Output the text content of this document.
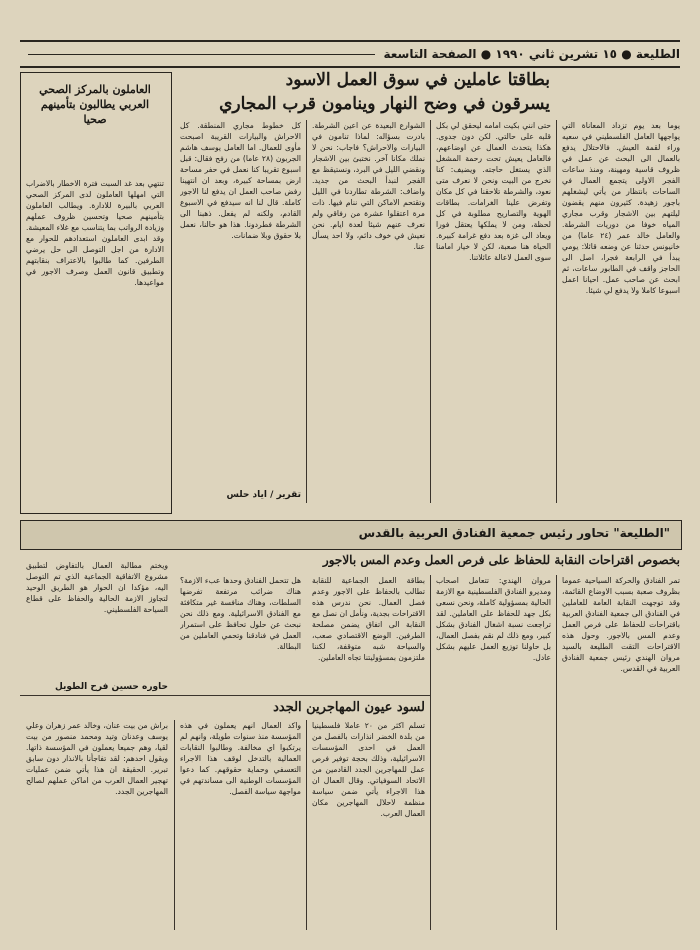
الطليعة ● ١٥ تشرين ثاني ١٩٩٠ ● الصفحة التاسعة
بطاقتا عاملين في سوق العمل الاسود
يسرقون في وضح النهار وينامون قرب المجاري

يوما بعد يوم تزداد المعاناة التي يواجهها العامل الفلسطيني في سعيه وراء لقمة العيش. فالاحتلال يدفع بالعمال الى البحث عن عمل في ظروف قاسية ومهينة، ومنذ ساعات الفجر الاولى يتجمع العمال في الساحات بانتظار من يأتي ليشغلهم باجور زهيدة. كثيرون منهم يقضون ليلتهم بين الاشجار وقرب مجاري المياه خوفا من دوريات الشرطة. والعامل خالد عمر (٢٤ عاما) من خانيونس حدثنا عن وضعه قائلا: يومي يبدأ في الرابعة فجرا، اصل الى الحاجز واقف في الطابور ساعات، ثم ابحث عن صاحب عمل. احيانا اعمل اسبوعا كاملا ولا يدفع لي شيئا.

حتى انني بكيت امامه ليحقق لي بكل قلبه على حالتي. لكن دون جدوى. هكذا يتحدث العمال عن اوضاعهم، فالعامل يعيش تحت رحمة المشغل الذي يستغل حاجته. ويضيف: كنا نخرج من البيت ونحن لا نعرف متى نعود، والشرطة تلاحقنا في كل مكان وتفرض علينا الغرامات. بطاقات الهوية والتصاريح مطلوبة في كل لحظة، ومن لا يملكها يعتقل فورا ويعاد الى غزة بعد دفع غرامة كبيرة. الحياة هنا صعبة، لكن لا خيار امامنا سوى العمل لاعالة عائلاتنا.

الشوارع البعيدة عن اعين الشرطة. بادرت بسؤاله: لماذا تنامون في البيارات والاحراش؟ فاجاب: نحن لا نملك مكانا آخر. نختبئ بين الاشجار ونقضي الليل في البرد، ونستيقظ مع الفجر لنبدأ البحث من جديد. واضاف: الشرطة تطاردنا في الليل وتقتحم الاماكن التي ننام فيها. ذات مرة اعتقلوا عشرة من رفاقي ولم نعرف عنهم شيئا لعدة ايام. نحن نعيش في خوف دائم، ولا احد يسأل عنا.

كل خطوط مجاري المنطقة. كل الاحراش والبيارات القريبة اصبحت مأوى للعمال. اما العامل يوسف هاشم الجربون (٢٨ عاما) من رفح فقال: قبل اسبوع تقريبا كنا نعمل في حفر مساحة ارض بمساحة كبيرة، وبعد ان انتهينا رفض صاحب العمل ان يدفع لنا الاجور كاملة. قال لنا انه سيدفع في الاسبوع القادم، ولكنه لم يفعل. ذهبنا الى الشرطة فطردونا. هذا هو حالنا، نعمل بلا حقوق وبلا ضمانات.

تقرير / اياد حلس
العاملون بالمركز الصحي العربي يطالبون بتأمينهم صحيا

تنتهي بعد غد السبت فترة الاخطار بالاضراب التي امهلها العاملون لدى المركز الصحي العربي بالبيرة للادارة. ويطالب العاملون بتأمينهم صحيا وتحسين ظروف عملهم وزيادة الرواتب بما يتناسب مع غلاء المعيشة. وقد ابدى العاملون استعدادهم للحوار مع الادارة من اجل التوصل الى حل يرضي الطرفين. كما طالبوا بالاعتراف بنقابتهم وتطبيق قانون العمل وصرف الاجور في مواعيدها.

"الطليعة" تحاور رئيس جمعية الفنادق العربية بالقدس
بخصوص اقتراحات النقابة للحفاظ على فرص العمل وعدم المس بالاجور

تمر الفنادق والحركة السياحية عموما بظروف صعبة بسبب الاوضاع القائمة، وقد توجهت النقابة العامة للعاملين في الفنادق الى جمعية الفنادق العربية باقتراحات للحفاظ على فرص العمل وعدم المس بالاجور. وحول هذه الاقتراحات التقت الطليعة بالسيد مروان الهندي رئيس جمعية الفنادق العربية في القدس.

مروان الهندي: تتعامل اصحاب ومديرو الفنادق الفلسطينية مع الازمة الحالية بمسؤولية كاملة، ونحن نسعى بكل جهد للحفاظ على العاملين. لقد تراجعت نسبة اشغال الفنادق بشكل كبير، ومع ذلك لم نقم بفصل العمال، بل حاولنا توزيع العمل عليهم بشكل عادل.

بطاقة العمل الجماعية للنقابة تطالب بالحفاظ على الاجور وعدم فصل العمال. نحن ندرس هذه الاقتراحات بجدية، ونأمل ان نصل مع النقابة الى اتفاق يضمن مصلحة الطرفين. الوضع الاقتصادي صعب، والسياحة شبه متوقفة، لكننا ملتزمون بمسؤوليتنا تجاه العاملين.

هل تتحمل الفنادق وحدها عبء الازمة؟ هناك ضرائب مرتفعة تفرضها السلطات، وهناك منافسة غير متكافئة مع الفنادق الاسرائيلية. ومع ذلك نحن نبحث عن حلول تحافظ على استمرار العمل في فنادقنا وتحمي العاملين من البطالة.

ويختم مطالبة العمال بالتفاوض لتطبيق مشروع الاتفاقية الجماعية الذي تم التوصل اليه، مؤكدا ان الحوار هو الطريق الوحيد لتجاوز الازمة الحالية والحفاظ على قطاع السياحة الفلسطيني.

حاوره حسين فرح الطويل
لسود عيون المهاجرين الجدد

تسلم اكثر من ٢٠ عاملا فلسطينيا من بلدة الخضر انذارات بالفصل من العمل في احدى المؤسسات الاسرائيلية، وذلك بحجة توفير فرص عمل للمهاجرين الجدد القادمين من الاتحاد السوفياتي. وقال العمال ان هذا الاجراء يأتي ضمن سياسة منظمة لاحلال المهاجرين مكان العمال العرب.

واكد العمال انهم يعملون في هذه المؤسسة منذ سنوات طويلة، وانهم لم يرتكبوا اي مخالفة. وطالبوا النقابات العمالية بالتدخل لوقف هذا الاجراء التعسفي وحماية حقوقهم. كما دعوا المؤسسات الوطنية الى مساندتهم في مواجهة سياسة الفصل.

براش من بيت عنان، وخالد عمر زهران وعلي يوسف وعدنان وتيد ومحمد منصور من بيت لقيا، وهم جميعا يعملون في المؤسسة ذاتها. ويقول احدهم: لقد تفاجأنا بالانذار دون سابق تبرير. الحقيقة ان هذا يأتي ضمن عمليات تهجير العمال العرب من اماكن عملهم لصالح المهاجرين الجدد.
